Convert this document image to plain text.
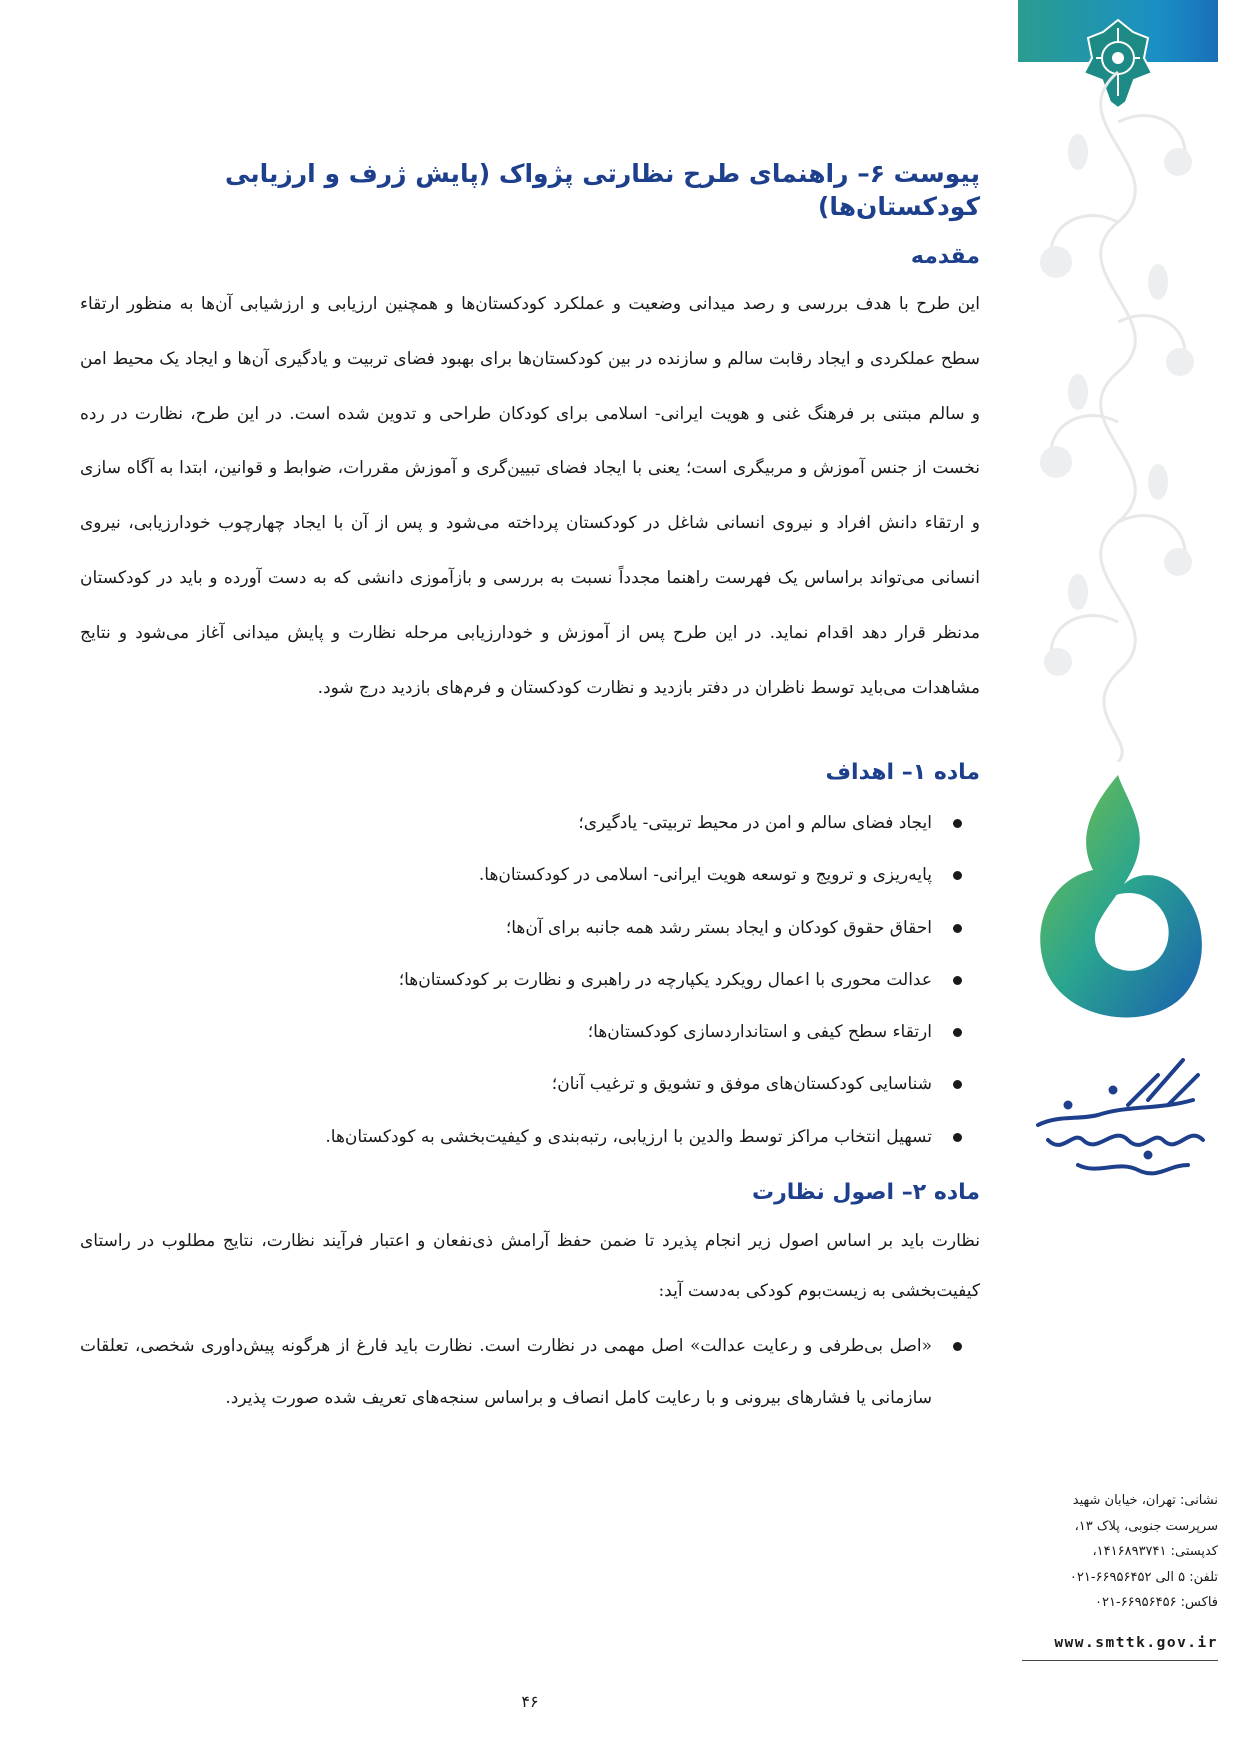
پیوست ۶– راهنمای طرح نظارتی پژواک (پایش ژرف و ارزیابی کودکستان‌ها)
مقدمه

این طرح با هدف بررسی و رصد میدانی وضعیت و عملکرد کودکستان‌ها و همچنین ارزیابی و ارزشیابی آن‌ها به منظور ارتقاء سطح عملکردی و ایجاد رقابت سالم و سازنده در بین کودکستان‌ها برای بهبود فضای تربیت و یادگیری آن‌ها و ایجاد یک محیط امن و سالم مبتنی بر فرهنگ غنی و هویت ایرانی- اسلامی برای کودکان طراحی و تدوین شده است. در این طرح، نظارت در رده نخست از جنس آموزش و مربیگری است؛ یعنی با ایجاد فضای تبیین‌گری و آموزش مقررات، ضوابط و قوانین، ابتدا به آگاه سازی و ارتقاء دانش افراد و نیروی انسانی شاغل در کودکستان پرداخته می‌شود و پس از آن با ایجاد چهارچوب خودارزیابی، نیروی انسانی می‌تواند براساس یک فهرست راهنما مجدداً نسبت به بررسی و بازآموزی دانشی که به دست آورده و باید در کودکستان مدنظر قرار دهد اقدام نماید. در این طرح پس از آموزش و خودارزیابی مرحله نظارت و پایش میدانی آغاز می‌شود و نتایج مشاهدات می‌باید توسط ناظران در دفتر بازدید و نظارت کودکستان و فرم‌های بازدید درج شود.

ماده ۱– اهداف
ایجاد فضای سالم و امن در محیط تربیتی- یادگیری؛
پایه‌ریزی و ترویج و توسعه هویت ایرانی- اسلامی در کودکستان‌ها.
احقاق حقوق کودکان و ایجاد بستر رشد همه جانبه برای آن‌ها؛
عدالت محوری با اعمال رویکرد یکپارچه در راهبری و نظارت بر کودکستان‌ها؛
ارتقاء سطح کیفی و استانداردسازی کودکستان‌ها؛
شناسایی کودکستان‌های موفق و تشویق و ترغیب آنان؛
تسهیل انتخاب مراکز توسط والدین با ارزیابی، رتبه‌بندی و کیفیت‌بخشی به کودکستان‌ها.
ماده ۲– اصول نظارت

نظارت باید بر اساس اصول زیر انجام پذیرد تا ضمن حفظ آرامش ذی‌نفعان و اعتبار فرآیند نظارت، نتایج مطلوب در راستای کیفیت‌بخشی به زیست‌بوم کودکی به‌دست آید:

«اصل بی‌طرفی و رعایت عدالت» اصل مهمی در نظارت است. نظارت باید فارغ از هرگونه پیش‌داوری شخصی، تعلقات سازمانی یا فشارهای بیرونی و با رعایت کامل انصاف و براساس سنجه‌های تعریف شده صورت پذیرد.
۴۶
نشانی: تهران، خیابان شهید
سرپرست جنوبی، پلاک ۱۳،
کدپستی: ۱۴۱۶۸۹۳۷۴۱،
تلفن: ۵ الی ۶۶۹۵۶۴۵۲-۰۲۱
فاکس: ۶۶۹۵۶۴۵۶-۰۲۱
www.smttk.gov.ir
